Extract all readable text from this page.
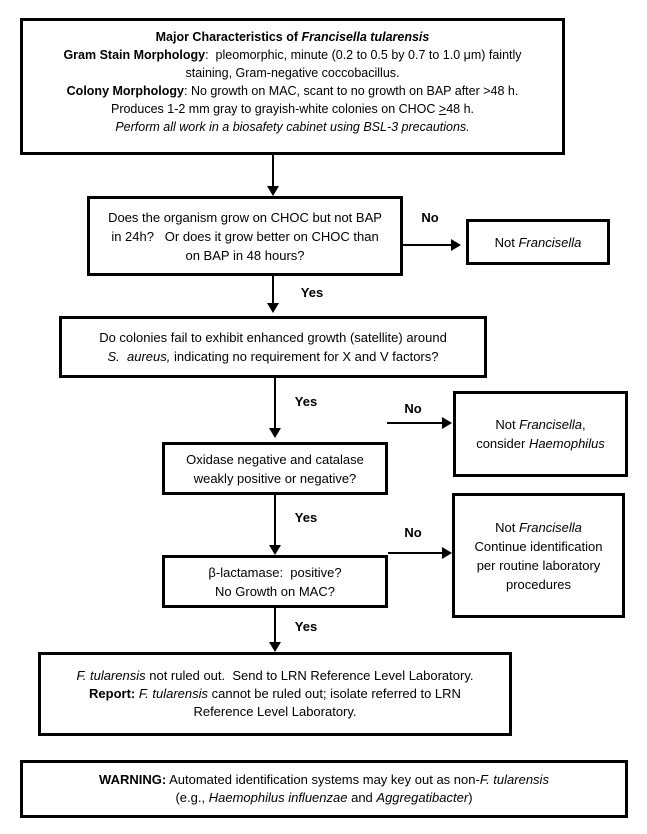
Major Characteristics of Francisella tularensis
Gram Stain Morphology:  pleomorphic, minute (0.2 to 0.5 by 0.7 to 1.0 μm) faintly
staining, Gram-negative coccobacillus.
Colony Morphology: No growth on MAC, scant to no growth on BAP after >48 h.
Produces 1-2 mm gray to grayish-white colonies on CHOC >48 h.
Perform all work in a biosafety cabinet using BSL-3 precautions.
Does the organism grow on CHOC but not BAP
in 24h?   Or does it grow better on CHOC than
on BAP in 48 hours?
No
Not Francisella
Yes
Do colonies fail to exhibit enhanced growth (satellite) around
S.  aureus, indicating no requirement for X and V factors?
Yes	No
Not Francisella,
consider Haemophilus
Oxidase negative and catalase
weakly positive or negative?
Yes
No	Not Francisella
Continue identification
per routine laboratory
procedures
β-lactamase:  positive?
No Growth on MAC?
Yes
F. tularensis not ruled out.  Send to LRN Reference Level Laboratory.
Report: F. tularensis cannot be ruled out; isolate referred to LRN
Reference Level Laboratory.
WARNING: Automated identification systems may key out as non-F. tularensis
(e.g., Haemophilus influenzae and Aggregatibacter)
